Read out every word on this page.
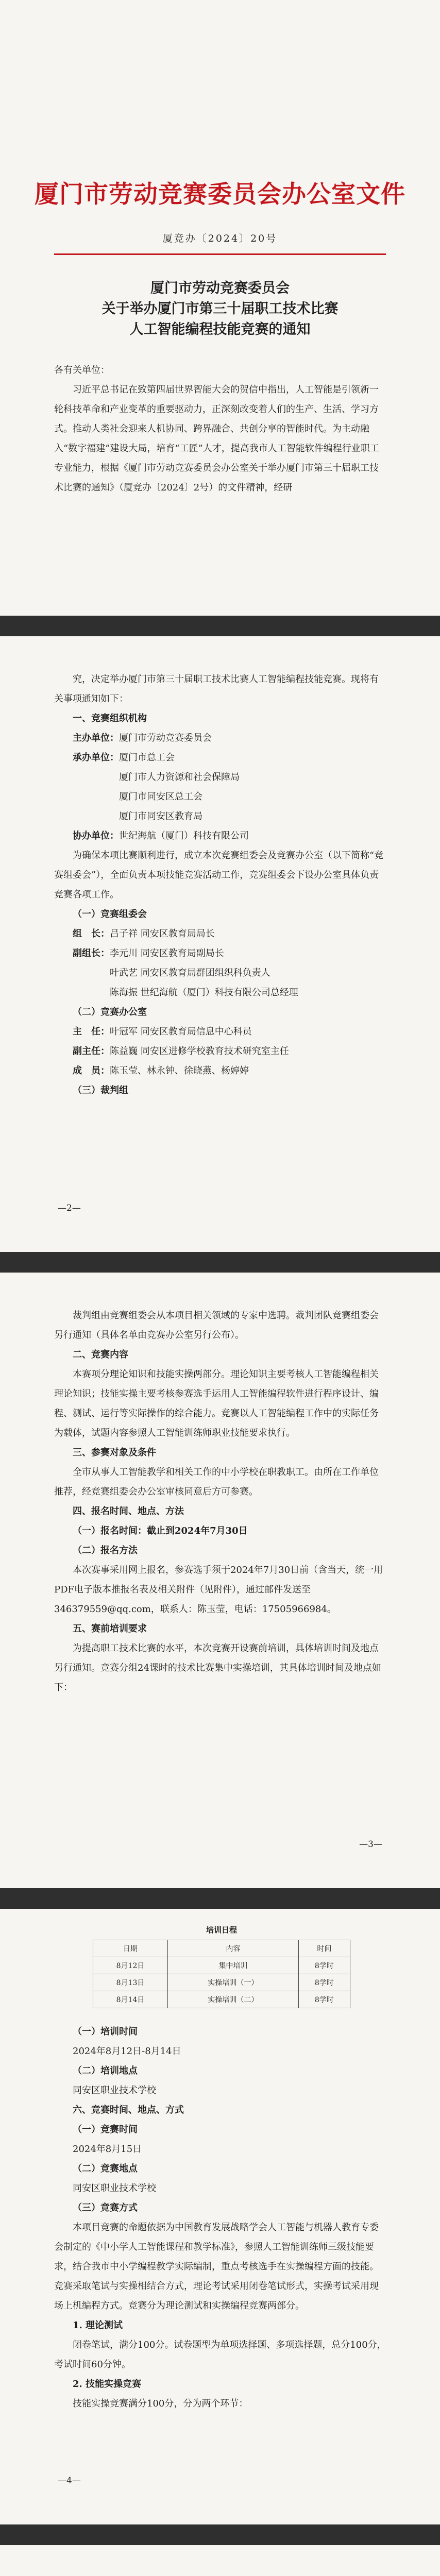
厦门市劳动竞赛委员会办公室文件
厦竞办〔2024〕20号
厦门市劳动竞赛委员会
关于举办厦门市第三十届职工技术比赛
人工智能编程技能竞赛的通知

各有关单位：

习近平总书记在致第四届世界智能大会的贺信中指出，人工智能是引领新一轮科技革命和产业变革的重要驱动力，正深刻改变着人们的生产、生活、学习方式。推动人类社会迎来人机协同、跨界融合、共创分享的智能时代。为主动融入“数字福建”建设大局，培育“工匠”人才，提高我市人工智能软件编程行业职工专业能力，根据《厦门市劳动竞赛委员会办公室关于举办厦门市第三十届职工技术比赛的通知》（厦竞办〔2024〕2号）的文件精神，经研

究，决定举办厦门市第三十届职工技术比赛人工智能编程技能竞赛。现将有关事项通知如下：

一、竞赛组织机构

主办单位：厦门市劳动竞赛委员会

承办单位：厦门市总工会

厦门市人力资源和社会保障局

厦门市同安区总工会

厦门市同安区教育局

协办单位：世纪海航（厦门）科技有限公司

为确保本项比赛顺利进行，成立本次竞赛组委会及竞赛办公室（以下简称“竞赛组委会”），全面负责本项技能竞赛活动工作，竞赛组委会下设办公室具体负责竞赛各项工作。

（一）竞赛组委会

组　长：吕子祥 同安区教育局局长

副组长：李元川 同安区教育局副局长

叶武艺 同安区教育局群团组织科负责人

陈海振 世纪海航（厦门）科技有限公司总经理

（二）竞赛办公室

主　任：叶冠军 同安区教育局信息中心科员

副主任：陈益巍 同安区进修学校教育技术研究室主任

成　员：陈玉莹、林永钟、徐晓燕、杨婷婷

（三）裁判组

—2—

裁判组由竞赛组委会从本项目相关领域的专家中选聘。裁判团队竞赛组委会另行通知（具体名单由竞赛办公室另行公布）。

二、竞赛内容

本赛项分理论知识和技能实操两部分。理论知识主要考核人工智能编程相关理论知识；技能实操主要考核参赛选手运用人工智能编程软件进行程序设计、编程、测试、运行等实际操作的综合能力。竞赛以人工智能编程工作中的实际任务为载体，试题内容参照人工智能训练师职业技能要求执行。

三、参赛对象及条件

全市从事人工智能教学和相关工作的中小学校在职教职工。由所在工作单位推荐，经竞赛组委会办公室审核同意后方可参赛。

四、报名时间、地点、方法

（一）报名时间：截止到2024年7月30日

（二）报名方法

本次赛事采用网上报名，参赛选手须于2024年7月30日前（含当天，统一用PDF电子版本推报名表及相关附件（见附件），通过邮件发送至 346379559@qq.com，联系人：陈玉莹，电话：17505966984。

五、赛前培训要求

为提高职工技术比赛的水平，本次竞赛开设赛前培训，具体培训时间及地点另行通知。竞赛分组24课时的技术比赛集中实操培训，其具体培训时间及地点如下：

—3—
培训日程
日期	内容	时间
8月12日	集中培训	8学时
8月13日	实操培训（一）	8学时
8月14日	实操培训（二）	8学时

（一）培训时间

2024年8月12日-8月14日

（二）培训地点

同安区职业技术学校

六、竞赛时间、地点、方式

（一）竞赛时间

2024年8月15日

（二）竞赛地点

同安区职业技术学校

（三）竞赛方式

本项目竞赛的命题依据为中国教育发展战略学会人工智能与机器人教育专委会制定的《中小学人工智能课程和教学标准》，参照人工智能训练师三级技能要求，结合我市中小学编程教学实际编制，重点考核选手在实操编程方面的技能。竞赛采取笔试与实操相结合方式，理论考试采用闭卷笔试形式，实操考试采用现场上机编程方式。竞赛分为理论测试和实操编程竞赛两部分。

1. 理论测试

闭卷笔试，满分100分。试卷题型为单项选择题、多项选择题，总分100分，考试时间60分钟。

2. 技能实操竞赛

技能实操竞赛满分100分，分为两个环节：

—4—
